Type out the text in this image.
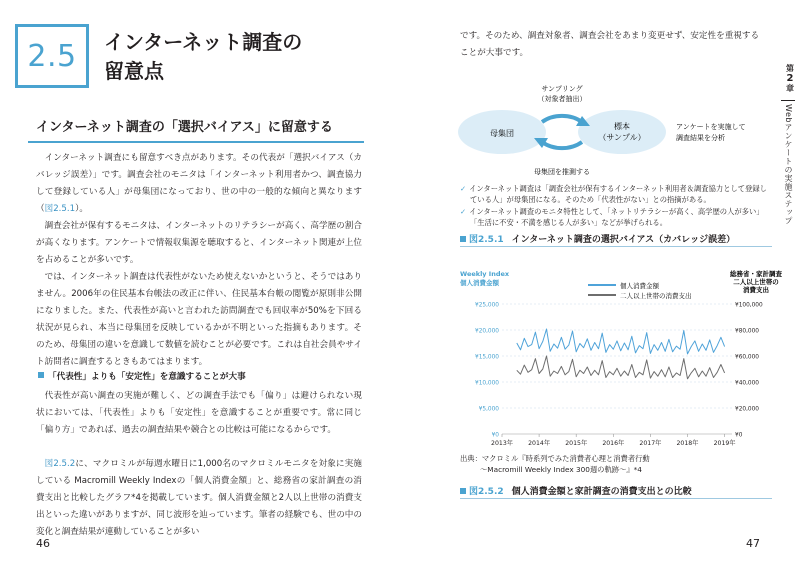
2.5 インターネット調査の
留意点
インターネット調査の「選択バイアス」に留意する

インターネット調査にも留意すべき点があります。その代表が「選択バイアス（カバレッジ誤差）」です。調査会社のモニタは「インターネット利用者かつ、調査協力して登録している人」が母集団になっており、世の中の一般的な傾向と異なります（図2.5.1）。

調査会社が保有するモニタは、インターネットのリテラシーが高く、高学歴の割合が高くなります。アンケートで情報収集源を聴取すると、インターネット関連が上位を占めることが多いです。

では、インターネット調査は代表性がないため使えないかというと、そうではありません。2006年の住民基本台帳法の改正に伴い、住民基本台帳の閲覧が原則非公開になりました。また、代表性が高いと言われた訪問調査でも回収率が50%を下回る状況が見られ、本当に母集団を反映しているかが不明といった指摘もあります。そのため、母集団の違いを意識して数値を読むことが必要です。これは自社会員やサイト訪問者に調査するときもあてはまります。

「代表性」よりも「安定性」を意識することが大事

代表性が高い調査の実施が難しく、どの調査手法でも「偏り」は避けられない現状においては、「代表性」よりも「安定性」を意識することが重要です。常に同じ「偏り方」であれば、過去の調査結果や競合との比較は可能になるからです。

図2.5.2に、マクロミルが毎週水曜日に1,000名のマクロミルモニタを対象に実施している Macromill Weekly Indexの「個人消費金額」と、総務省の家計調査の消費支出と比較したグラフ*4を掲載しています。個人消費金額と2人以上世帯の消費支出といった違いがありますが、同じ波形を辿っています。筆者の経験でも、世の中の変化と調査結果が連動していることが多い

46

です。そのため、調査対象者、調査会社をあまり変更せず、安定性を重視することが大事です。

第
2
章
Webアンケートの実施ステップ
母集団
標本
（サンプル）
サンプリング
（対象者抽出）
母集団を推測する
アンケートを実施して
調査結果を分析
✓ インターネット調査は「調査会社が保有するインターネット利用者＆調査協力として登録している人」が母集団になる。そのため「代表性がない」との指摘がある。
✓ インターネット調査のモニタ特性として、「ネットリテラシーが高く、高学歴の人が多い」「生活に不安・不満を感じる人が多い」などが挙げられる。
図2.5.1 インターネット調査の選択バイアス（カバレッジ誤差）
Weekly Index
個人消費金額
総務省・家計調査
二人以上世帯の
消費支出
個人消費金額
二人以上世帯の消費支出
¥25,000	¥100,000
¥20,000	¥80,000
¥15,000	¥60,000
¥10,000	¥40,000
¥5,000	¥20,000
¥0	¥0
2013年 2014年 2015年 2016年 2017年 2018年 2019年

出典：マクロミル『時系列でみた消費者心理と消費者行動
～Macromill Weekly Index 300週の軌跡～』*4

図2.5.2 個人消費金額と家計調査の消費支出との比較
47
